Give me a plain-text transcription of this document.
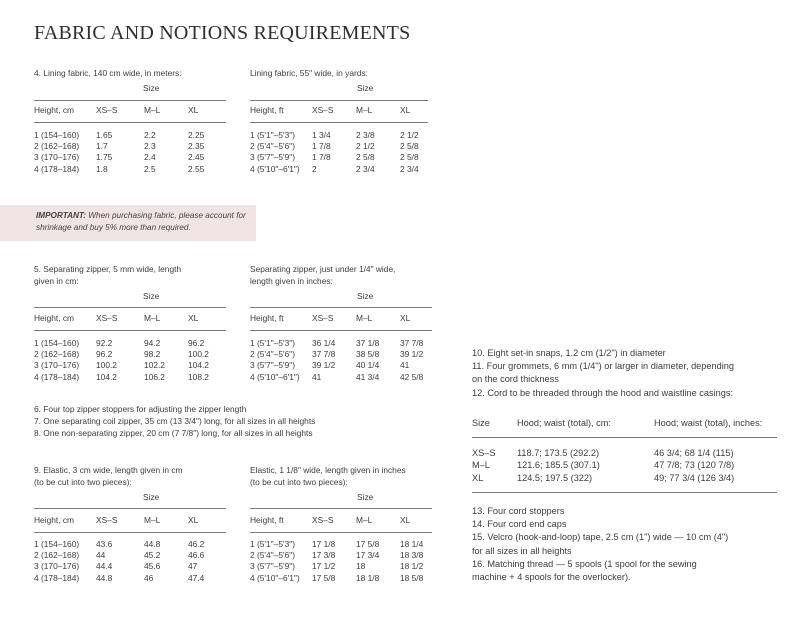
FABRIC AND NOTIONS REQUIREMENTS
4. Lining fabric, 140 cm wide, in meters:
Size
Height, cm	XS–S	M–L	XL
1 (154–160)	1.65	2.2	2.25
2 (162–168)	1.7	2.3	2.35
3 (170–176)	1.75	2.4	2.45
4 (178–184)	1.8	2.5	2.55
Lining fabric, 55" wide, in yards:
Size
Height, ft	XS–S	M–L	XL
1 (5'1"–5'3")	1 3/4	2 3/8	2 1/2
2 (5'4"–5'6")	1 7/8	2 1/2	2 5/8
3 (5'7"–5'9")	1 7/8	2 5/8	2 5/8
4 (5'10"–6'1")	2	2 3/4	2 3/4
IMPORTANT: When purchasing fabric, please account for shrinkage and buy 5% more than required.
5. Separating zipper, 5 mm wide, length
given in cm:
Size
Height, cm	XS–S	M–L	XL
1 (154–160)	92.2	94.2	96.2
2 (162–168)	96.2	98.2	100.2
3 (170–176)	100.2	102.2	104.2
4 (178–184)	104.2	106.2	108.2
Separating zipper, just under 1/4" wide,
length given in inches:
Size
Height, ft	XS–S	M–L	XL
1 (5'1"–5'3")	36 1/4	37 1/8	37 7/8
2 (5'4"–5'6")	37 7/8	38 5/8	39 1/2
3 (5'7"–5'9")	39 1/2	40 1/4	41
4 (5'10"–6'1")	41	41 3/4	42 5/8
6. Four top zipper stoppers for adjusting the zipper length
7. One separating coil zipper, 35 cm (13 3/4") long, for all sizes in all heights
8. One non-separating zipper, 20 cm (7 7/8") long, for all sizes in all heights
9. Elastic, 3 cm wide, length given in cm
(to be cut into two pieces):
Size
Height, cm	XS–S	M–L	XL
1 (154–160)	43.6	44.8	46.2
2 (162–168)	44	45.2	46.6
3 (170–176)	44.4	45.6	47
4 (178–184)	44.8	46	47.4
Elastic, 1 1/8" wide, length given in inches
(to be cut into two pieces):
Size
Height, ft	XS–S	M–L	XL
1 (5'1"–5'3")	17 1/8	17 5/8	18 1/4
2 (5'4"–5'6")	17 3/8	17 3/4	18 3/8
3 (5'7"–5'9")	17 1/2	18	18 1/2
4 (5'10"–6'1")	17 5/8	18 1/8	18 5/8
10. Eight set-in snaps, 1.2 cm (1/2") in diameter
11. Four grommets, 6 mm (1/4") or larger in diameter, depending
on the cord thickness
12. Cord to be threaded through the hood and waistline casings:
Size	Hood; waist (total), cm:	Hood; waist (total), inches:
XS–S	118.7; 173.5 (292.2)	46 3/4; 68 1/4 (115)
M–L	121.6; 185.5 (307.1)	47 7/8; 73 (120 7/8)
XL	124.5; 197.5 (322)	49; 77 3/4 (126 3/4)
13. Four cord stoppers
14. Four cord end caps
15. Velcro (hook-and-loop) tape, 2.5 cm (1") wide — 10 cm (4")
for all sizes in all heights
16. Matching thread — 5 spools (1 spool for the sewing
machine + 4 spools for the overlocker).
